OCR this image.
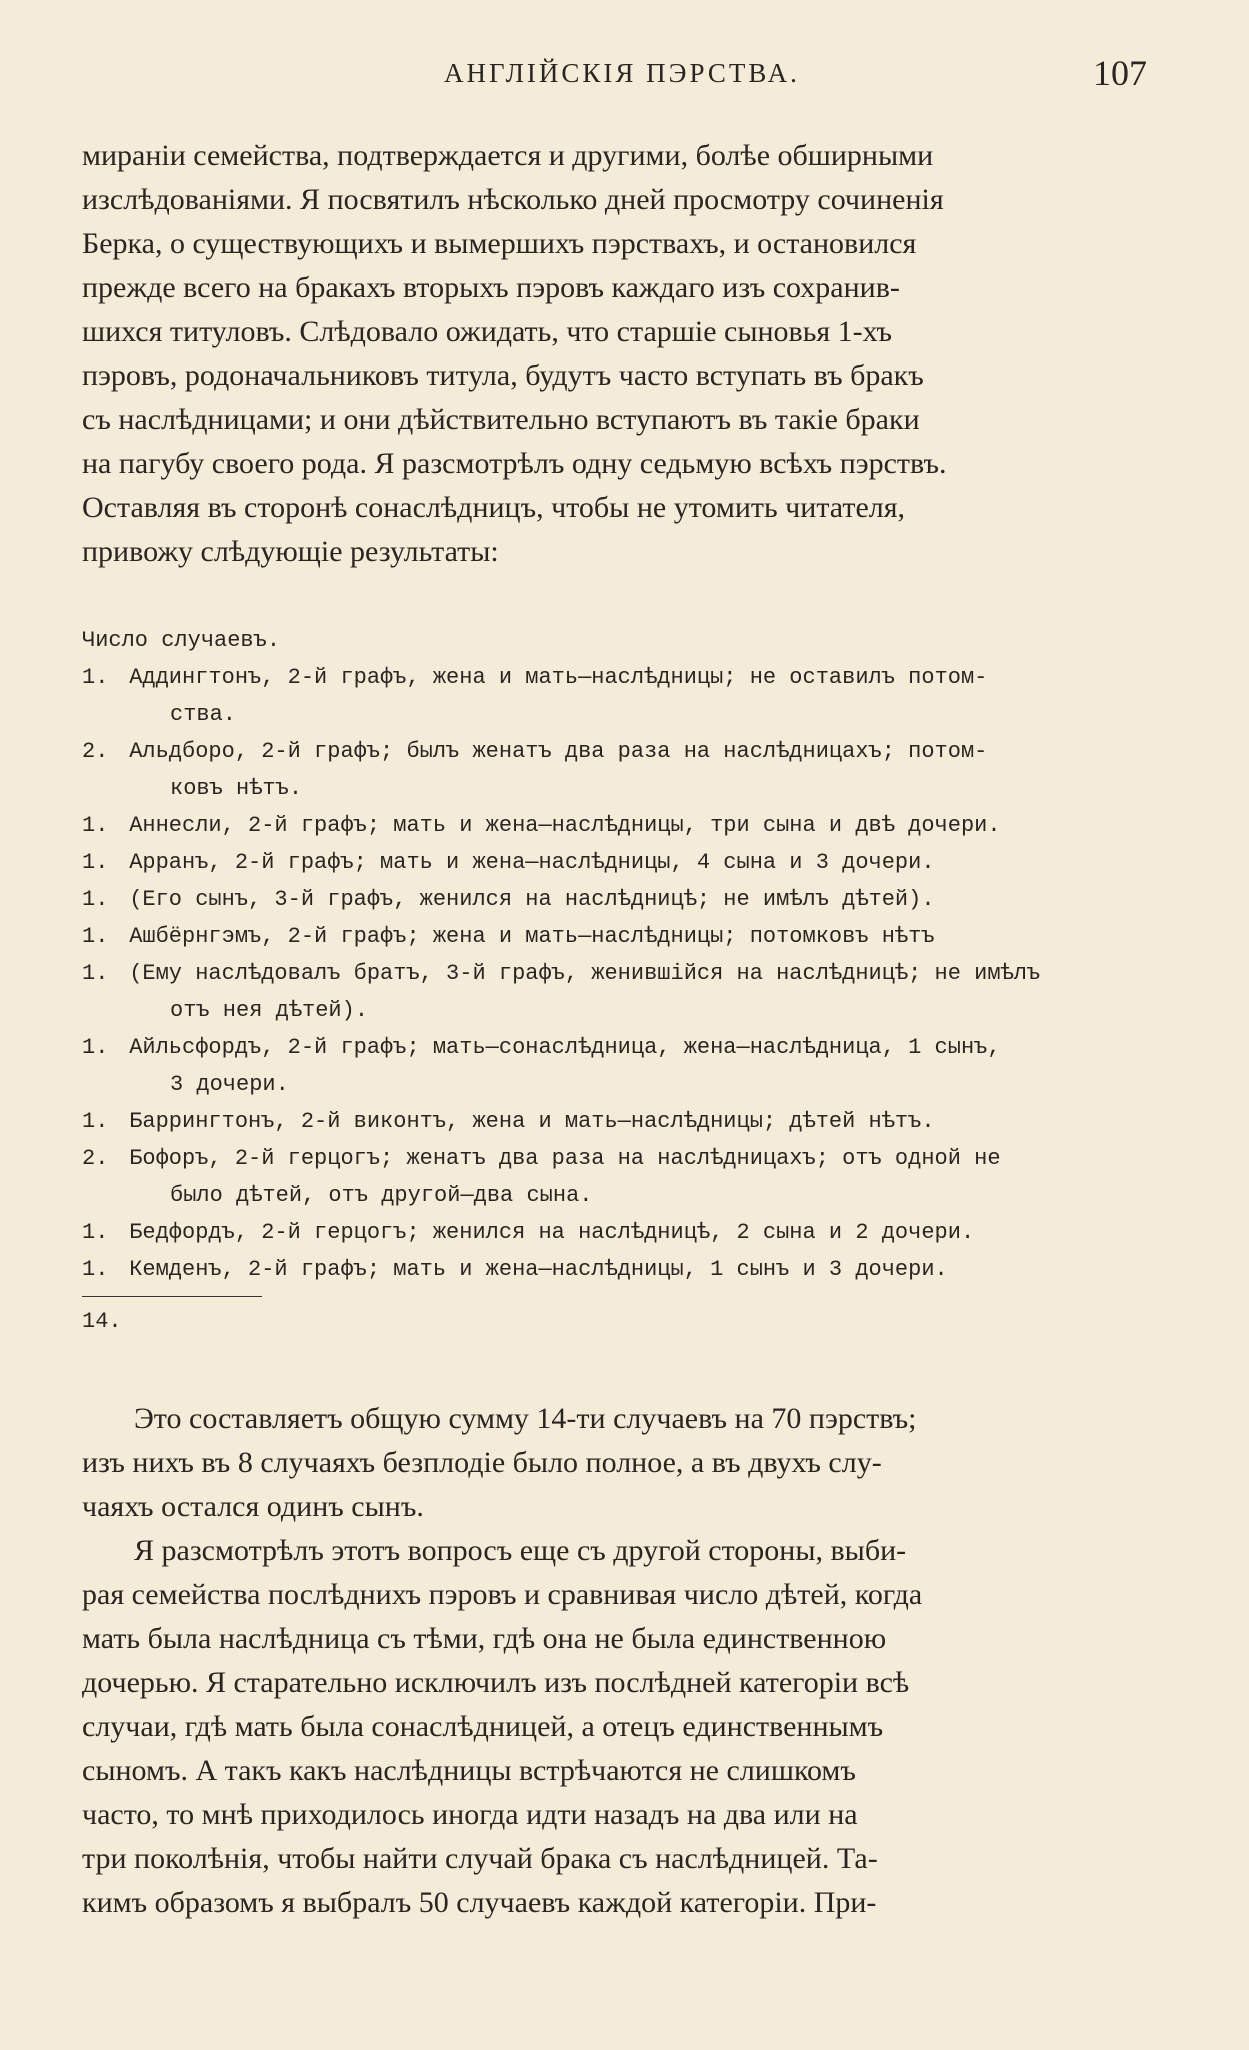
АНГЛІЙСКІЯ ПЭРСТВА.	107

мираніи семейства, подтверждается и другими, болѣе обширными
изслѣдованіями. Я посвятилъ нѣсколько дней просмотру сочиненія
Берка, о существующихъ и вымершихъ пэрствахъ, и остановился
прежде всего на бракахъ вторыхъ пэровъ каждаго изъ сохранив-
шихся титуловъ. Слѣдовало ожидать, что старшіе сыновья 1-хъ
пэровъ, родоначальниковъ титула, будутъ часто вступать въ бракъ
съ наслѣдницами; и они дѣйствительно вступаютъ въ такіе браки
на пагубу своего рода. Я разсмотрѣлъ одну седьмую всѣхъ пэрствъ.
Оставляя въ сторонѣ сонаслѣдницъ, чтобы не утомить читателя,
привожу слѣдующіе результаты:

Число случаевъ.
1. Аддингтонъ, 2-й графъ, жена и мать—наслѣдницы; не оставилъ потом-
ства.
2. Альдборо, 2-й графъ; былъ женатъ два раза на наслѣдницахъ; потом-
ковъ нѣтъ.
1. Аннесли, 2-й графъ; мать и жена—наслѣдницы, три сына и двѣ дочери.
1. Арранъ, 2-й графъ; мать и жена—наслѣдницы, 4 сына и 3 дочери.
1. (Его сынъ, 3-й графъ, женился на наслѣдницѣ; не имѣлъ дѣтей).
1. Ашбёрнгэмъ, 2-й графъ; жена и мать—наслѣдницы; потомковъ нѣтъ
1. (Ему наслѣдовалъ братъ, 3-й графъ, женившійся на наслѣдницѣ; не имѣлъ
отъ нея дѣтей).
1. Айльсфордъ, 2-й графъ; мать—сонаслѣдница, жена—наслѣдница, 1 сынъ,
3 дочери.
1. Баррингтонъ, 2-й виконтъ, жена и мать—наслѣдницы; дѣтей нѣтъ.
2. Бофоръ, 2-й герцогъ; женатъ два раза на наслѣдницахъ; отъ одной не
было дѣтей, отъ другой—два сына.
1. Бедфордъ, 2-й герцогъ; женился на наслѣдницѣ, 2 сына и 2 дочери.
1. Кемденъ, 2-й графъ; мать и жена—наслѣдницы, 1 сынъ и 3 дочери.
14.

Это составляетъ общую сумму 14-ти случаевъ на 70 пэрствъ;
изъ нихъ въ 8 случаяхъ безплодіе было полное, а въ двухъ слу-
чаяхъ остался одинъ сынъ.

Я разсмотрѣлъ этотъ вопросъ еще съ другой стороны, выби-
рая семейства послѣднихъ пэровъ и сравнивая число дѣтей, когда
мать была наслѣдница съ тѣми, гдѣ она не была единственною
дочерью. Я старательно исключилъ изъ послѣдней категоріи всѣ
случаи, гдѣ мать была сонаслѣдницей, а отецъ единственнымъ
сыномъ. А такъ какъ наслѣдницы встрѣчаются не слишкомъ
часто, то мнѣ приходилось иногда идти назадъ на два или на
три поколѣнія, чтобы найти случай брака съ наслѣдницей. Та-
кимъ образомъ я выбралъ 50 случаевъ каждой категоріи. При-
